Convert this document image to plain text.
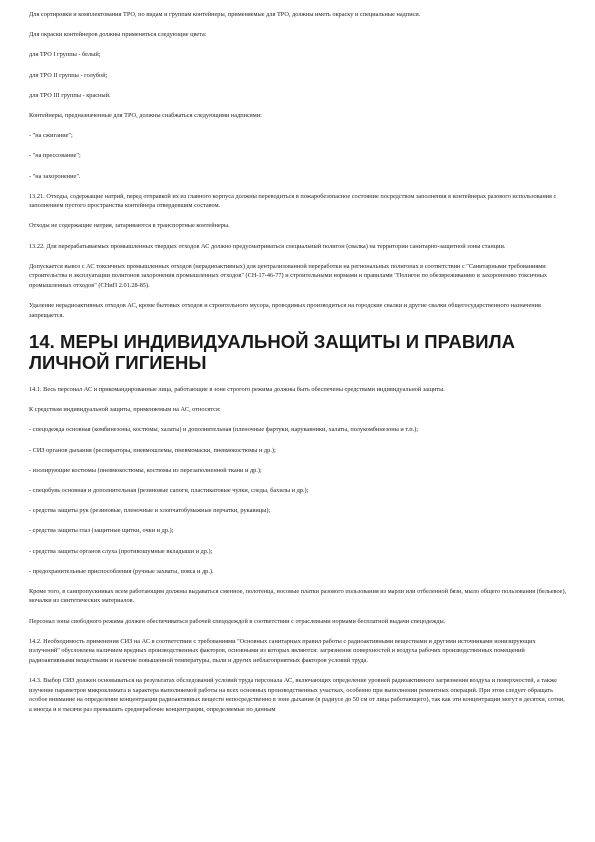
Для сортировки и комплектования ТРО, по видам и группам контейнеры, применяемые для ТРО, должны иметь окраску и специальные надписи.

Для окраски контейнеров должны применяться следующие цвета:

для ТРО I группы - белый;

для ТРО II группы - голубой;

для ТРО III группы - красный.

Контейнеры, предназначенные для ТРО, должны снабжаться следующими надписями:

- "на сжигание";

- "на прессование";

- "на захоронение".

13.21. Отходы, содержащие натрий, перед отправкой их из главного корпуса должны переводиться в пожаробезопасное состояние посредством заполнения в контейнерах разового использования с заполнением пустого пространства контейнера отвердевшим составом.

Отходы не содержащие натрия, затариваются в транспортные контейнеры.

13.22. Для перерабатываемых промышленных твердых отходов АС должно предусматриваться специальный полигон (свалка) на территории санитарно-защитной зоны станции.

Допускается вывоз с АС токсичных промышленных отходов (нерадиоактивных) для централизованной переработки на региональных полигонах в соответствии с "Санитарными требованиями строительства и эксплуатации полигонов захоронения промышленных отходов" (СН-17-46-77) и строительными нормами и правилами "Полигон по обезвреживанию и захоронению токсичных промышленных отходов" (СНиП 2.01.28-85).

Удаление нерадиоактивных отходов АС, кроме бытовых отходов и строительного мусора, проводимых производиться на городские свалки и другие свалки общегосударственного назначения запрещается.

14. МЕРЫ ИНДИВИДУАЛЬНОЙ ЗАЩИТЫ И ПРАВИЛА ЛИЧНОЙ ГИГИЕНЫ

14.1. Весь персонал АС и прикомандированные лица, работающие в зоне строгого режима должны быть обеспечены средствами индивидуальной защиты.

К средствам индивидуальной защиты, применяемым на АС, относятся:

- спецодежда основная (комбинезоны, костюмы, халаты) и дополнительная (пленочные фартуки, нарукавники, халаты, полукомбинезоны и т.п.);

- СИЗ органов дыхания (респираторы, пневмошлемы, пневмомаски, пневмокостюмы и др.);

- изолирующие костюмы (пневмокостюмы, костюмы из перезаполненной ткани и др.);

- спецобувь основная и дополнительная (резиновые сапоги, пластикатовые чулки, следы, бахилы и др.);

- средства защиты рук (резиновые, пленочные и хлопчатобумажные перчатки, рукавицы);

- средства защиты глаз (защитные щитки, очки и др.);

- средства защиты органов слуха (противошумные вкладыши и др.);

- предохранительные приспособления (ручные захваты, пояса и др.).

Кроме того, в санпропускниках всем работающим должны выдаваться сменное, полотенца, носовые платки разового пользования из марли или отбеленной бязи, мыло общего пользования (бельевое), мочалки из синтетических материалов.

Персонал зоны свободного режима должен обеспечиваться рабочей спецодеждой в соответствии с отраслевыми нормами бесплатной выдачи спецодежды.

14.2. Необходимость применения СИЗ на АС в соответствии с требованиями "Основных санитарных правил работы с радиоактивными веществами и другими источниками ионизирующих излучений" обусловлена наличием вредных производственных факторов, основными из которых являются: загрязнение поверхностей и воздуха рабочих производственных помещений радиоактивными веществами и наличие повышенной температуры, пыли и других неблагоприятных факторов условий труда.

14.3. Выбор СИЗ должен основываться на результатах обследований условий труда персонала АС, включающих определение уровней радиоактивного загрязнения воздуха и поверхностей, а также изучение параметров микроклимата и характера выполняемой работы на всех основных производственных участках, особенно при выполнении ремонтных операций. При этом следует обращать особое внимание на определение концентрации радиоактивных веществ непосредственно в зоне дыхания (в радиусе до 50 см от лица работающего), так как эти концентрации могут в десятки, сотни, а иногда и в тысячи раз превышать среднерабочие концентрации, определяемые по данным
